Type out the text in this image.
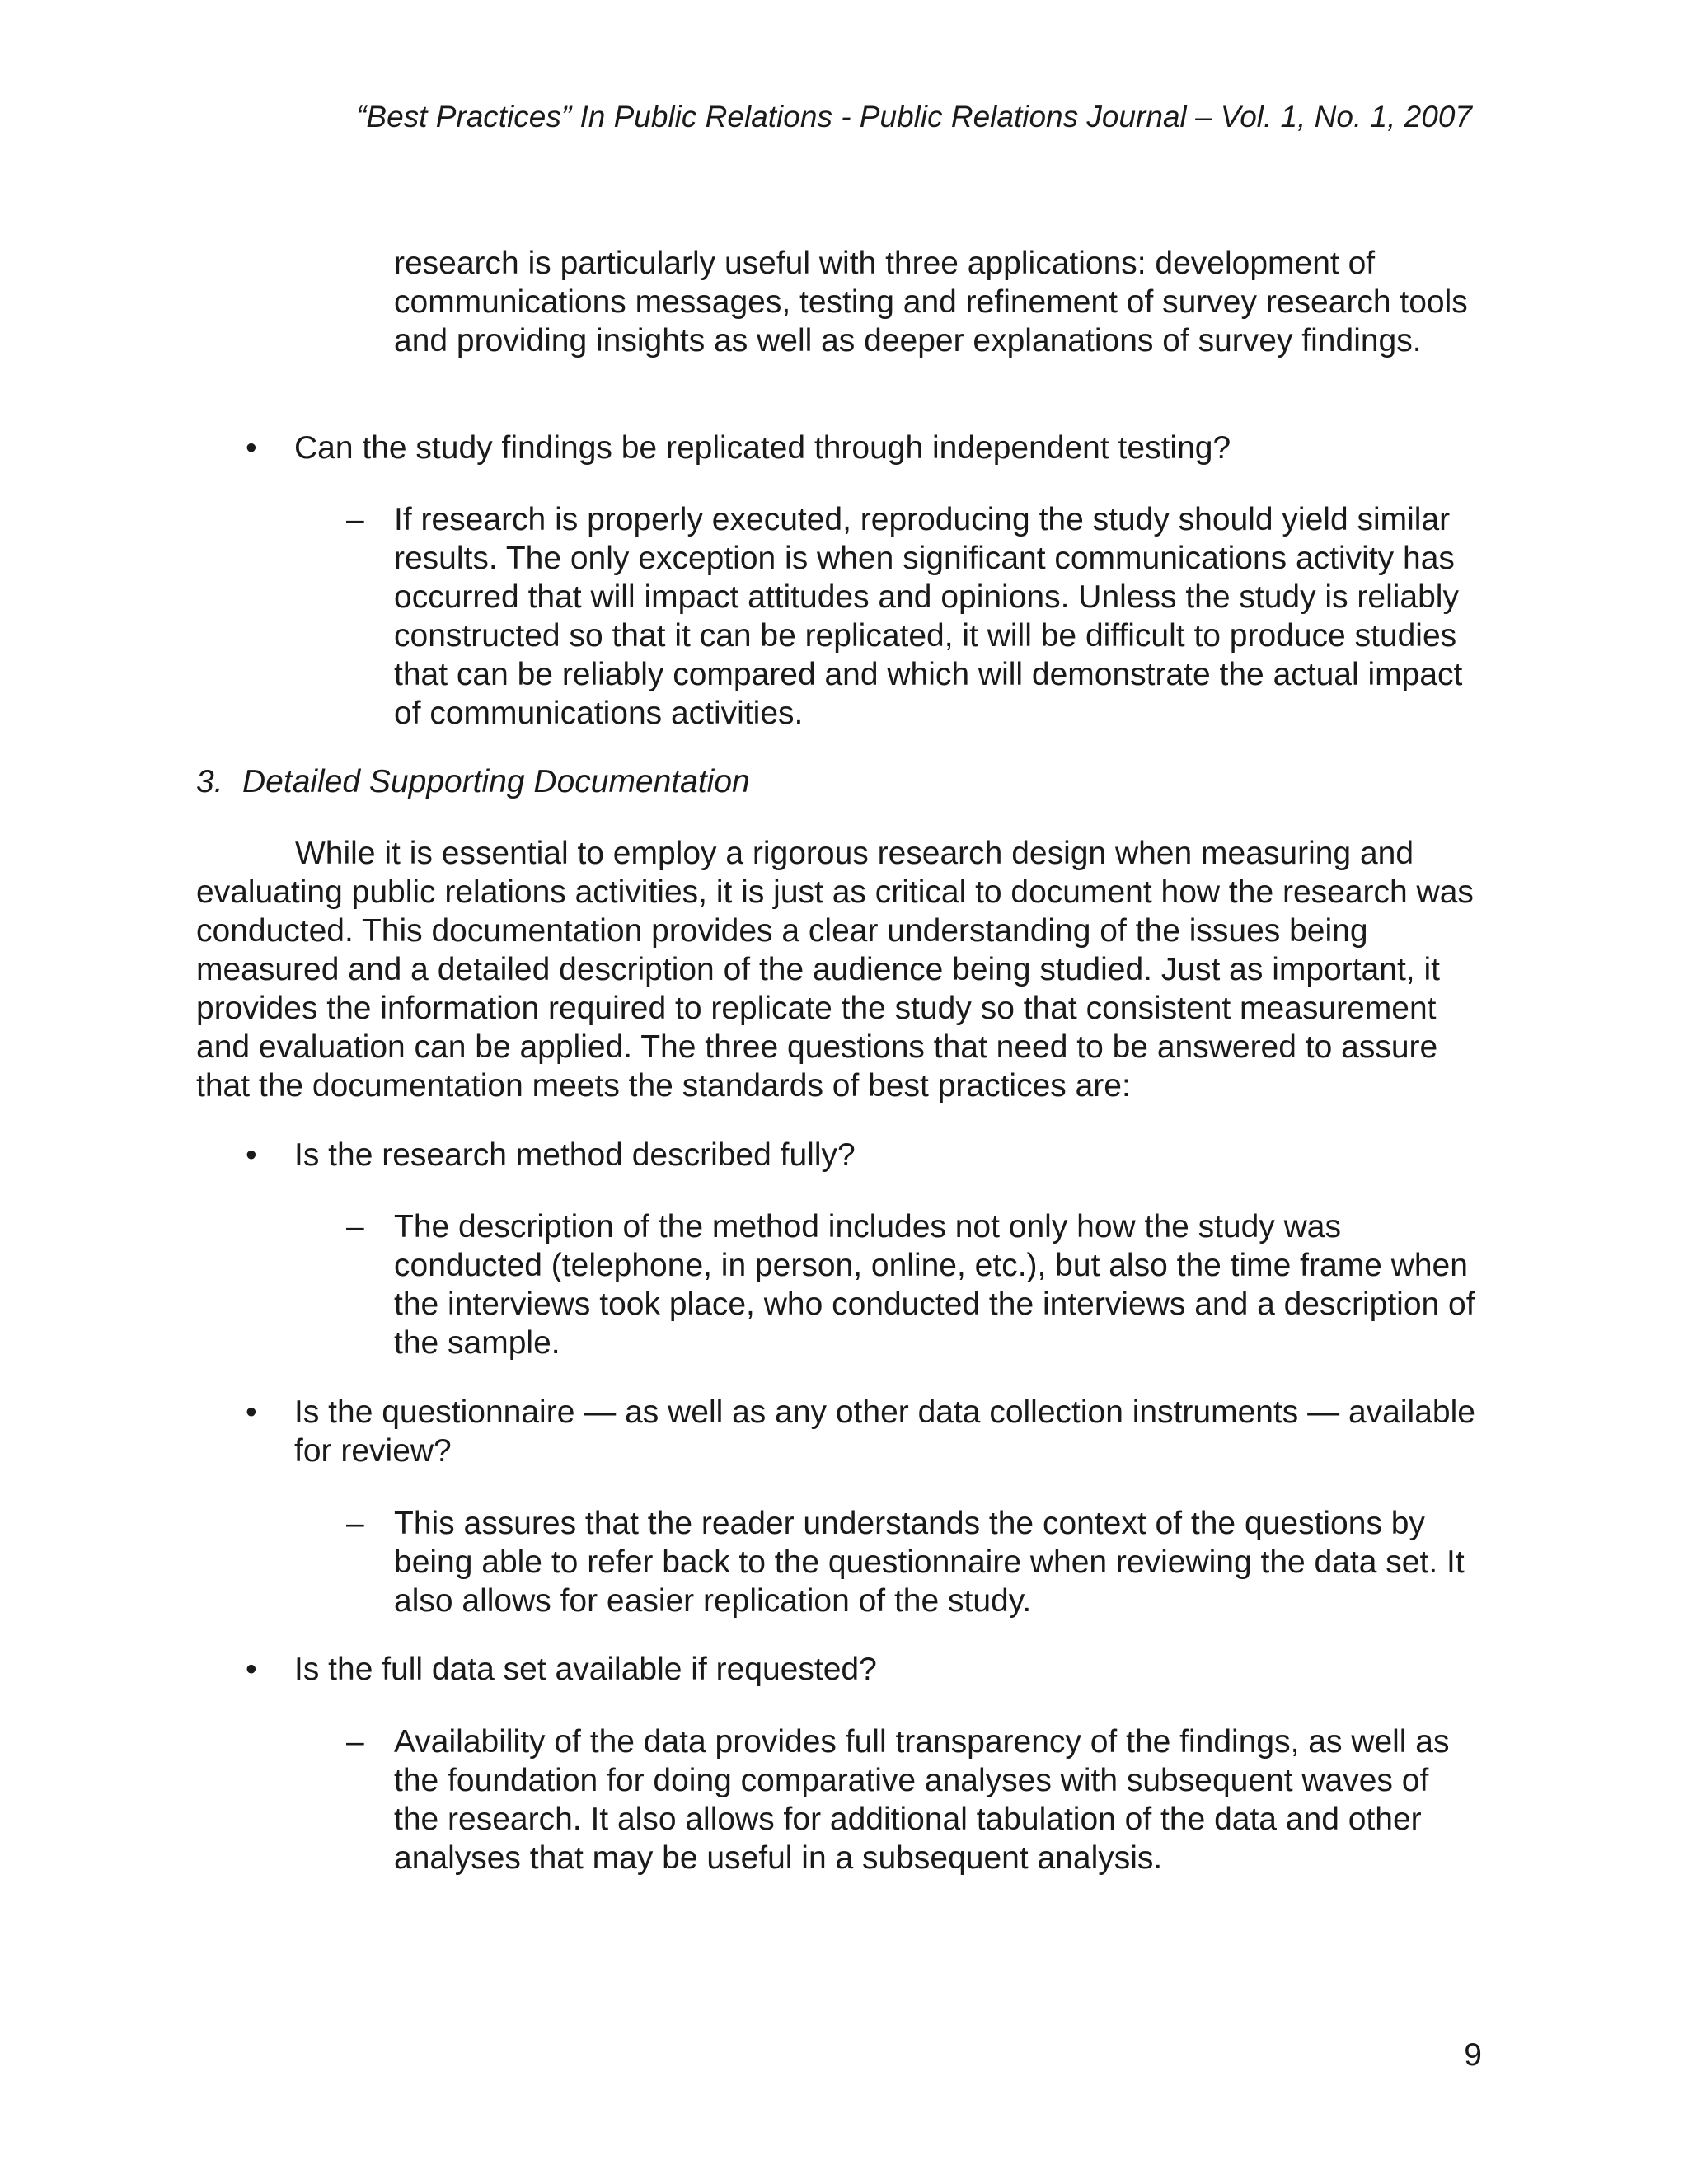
“Best Practices” In Public Relations - Public Relations Journal – Vol. 1, No. 1, 2007

research is particularly useful with three applications: development of communications messages, testing and refinement of survey research tools and providing insights as well as deeper explanations of survey findings.

•	Can the study findings be replicated through independent testing?

– If research is properly executed, reproducing the study should yield similar results. The only exception is when significant communications activity has occurred that will impact attitudes and opinions. Unless the study is reliably constructed so that it can be replicated, it will be difficult to produce studies that can be reliably compared and which will demonstrate the actual impact of communications activities.

3. Detailed Supporting Documentation

While it is essential to employ a rigorous research design when measuring and evaluating public relations activities, it is just as critical to document how the research was conducted. This documentation provides a clear understanding of the issues being measured and a detailed description of the audience being studied. Just as important, it provides the information required to replicate the study so that consistent measurement and evaluation can be applied. The three questions that need to be answered to assure that the documentation meets the standards of best practices are:

•	Is the research method described fully?

– The description of the method includes not only how the study was conducted (telephone, in person, online, etc.), but also the time frame when the interviews took place, who conducted the interviews and a description of the sample.

•	Is the questionnaire — as well as any other data collection instruments — available for review?

– This assures that the reader understands the context of the questions by being able to refer back to the questionnaire when reviewing the data set. It also allows for easier replication of the study.

•	Is the full data set available if requested?

– Availability of the data provides full transparency of the findings, as well as the foundation for doing comparative analyses with subsequent waves of the research. It also allows for additional tabulation of the data and other analyses that may be useful in a subsequent analysis.

9
